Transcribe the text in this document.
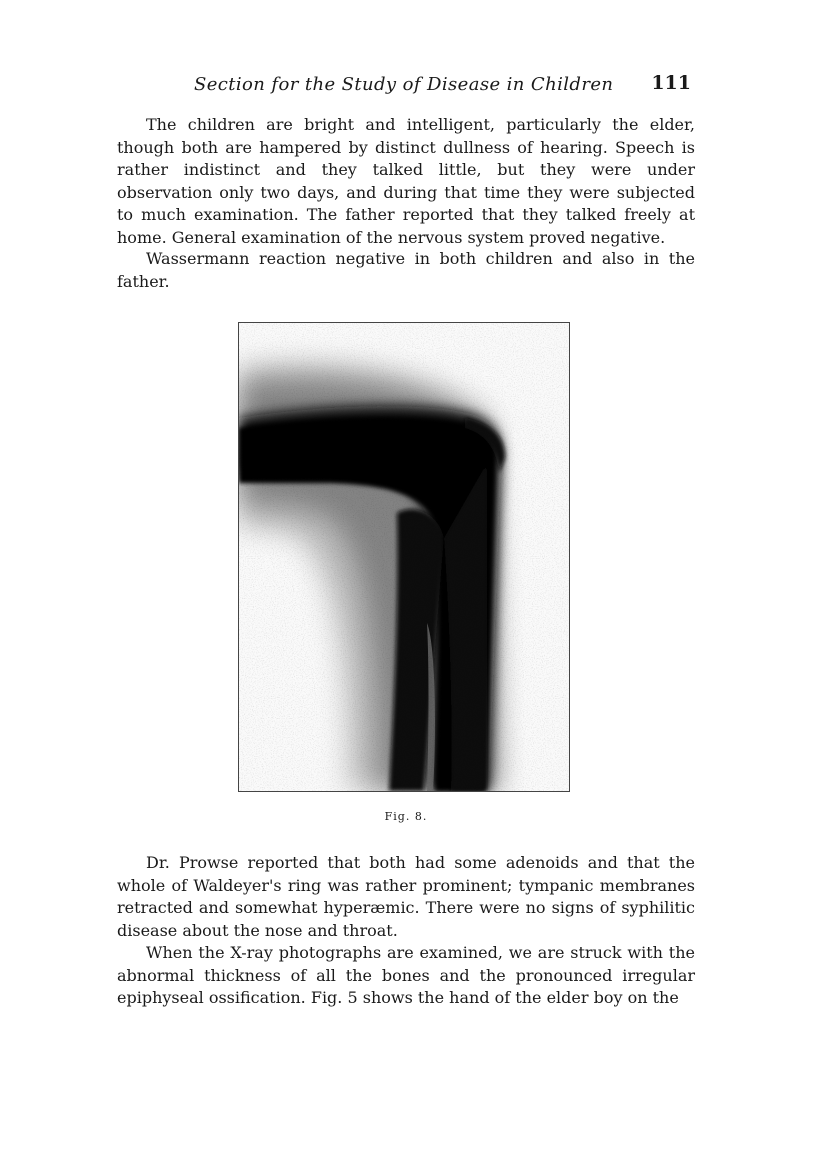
Section for the Study of Disease in Children 111

The children are bright and intelligent, particularly the elder, though both are hampered by distinct dullness of hearing. Speech is rather indistinct and they talked little, but they were under observation only two days, and during that time they were subjected to much examination. The father reported that they talked freely at home. General examination of the nervous system proved negative.

Wassermann reaction negative in both children and also in the father.

Fig. 8.

Dr. Prowse reported that both had some adenoids and that the whole of Waldeyer's ring was rather prominent; tympanic membranes retracted and somewhat hyperæmic. There were no signs of syphilitic disease about the nose and throat.

When the X-ray photographs are examined, we are struck with the abnormal thickness of all the bones and the pronounced irregular epiphyseal ossification. Fig. 5 shows the hand of the elder boy on the
